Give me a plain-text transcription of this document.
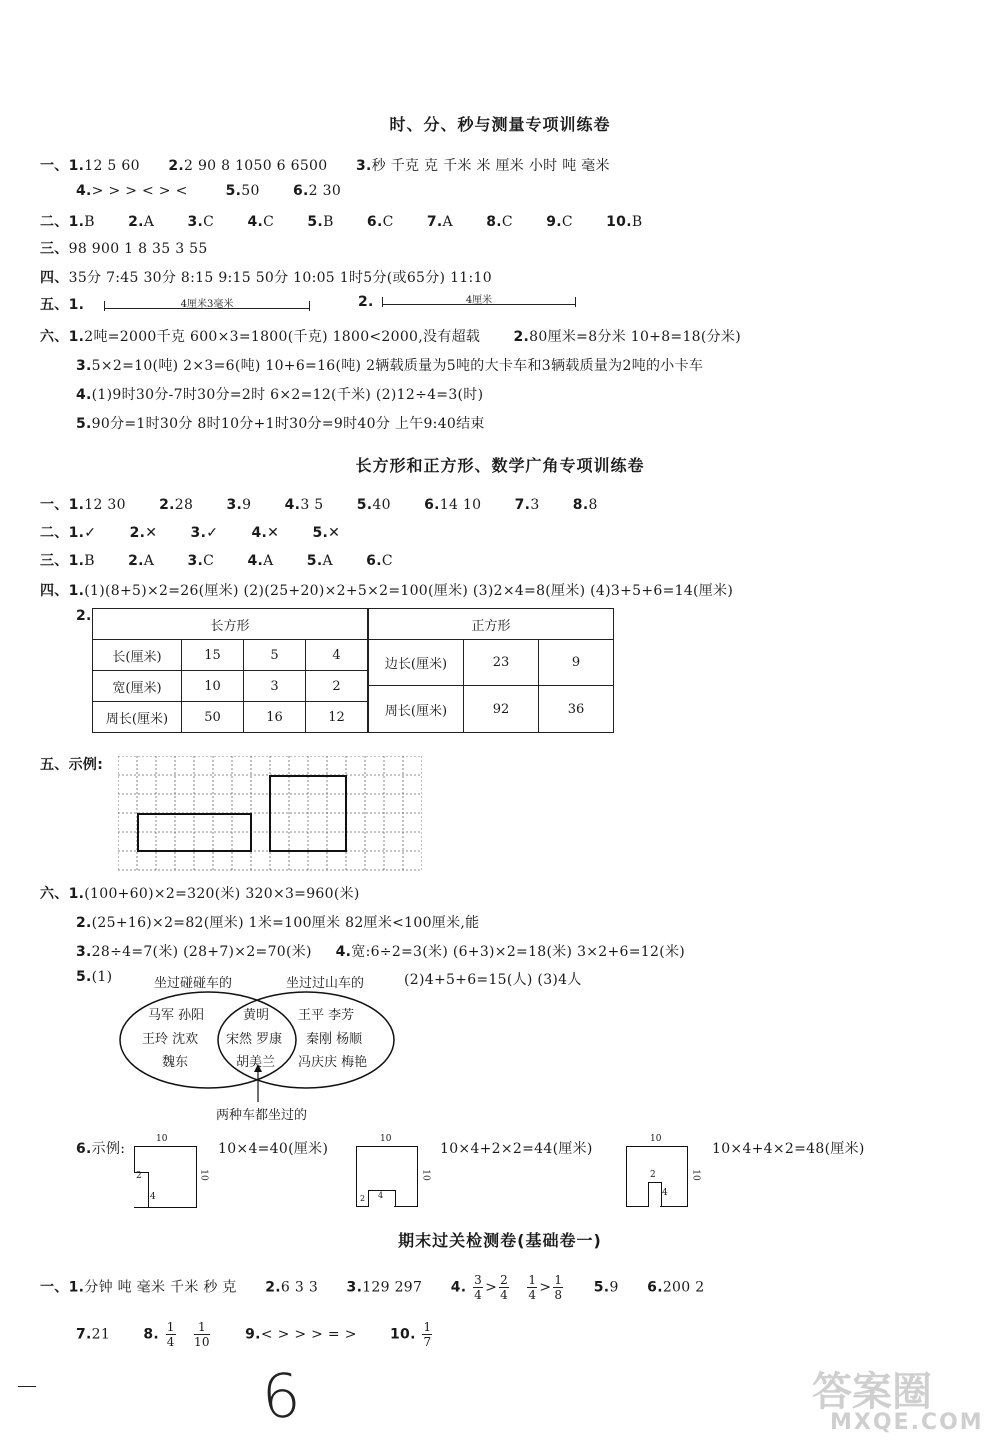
时、分、秒与测量专项训练卷
一、1.12 5 60 2.2 90 8 1050 6 6500 3.秒 千克 克 千米 米 厘米 小时 吨 毫米
4.> > > < > <	5.50 6.2 30
二、1.B 2.A 3.C 4.C 5.B 6.C 7.A 8.C 9.C 10.B
三、98 900 1 8 35 3 55
四、35分 7:45 30分 8:15 9:15 50分 10:05 1时5分(或65分) 11:10
五、1.	4厘米3毫米	2.	4厘米
六、1.2吨=2000千克 600×3=1800(千克) 1800<2000,没有超载 2.80厘米=8分米 10+8=18(分米)
3.5×2=10(吨) 2×3=6(吨) 10+6=16(吨) 2辆载质量为5吨的大卡车和3辆载质量为2吨的小卡车
4.(1)9时30分-7时30分=2时 6×2=12(千米) (2)12÷4=3(时)
5.90分=1时30分 8时10分+1时30分=9时40分 上午9:40结束
长方形和正方形、数学广角专项训练卷
一、1.12 30 2.28 3.9 4.3 5 5.40 6.14 10 7.3 8.8
二、1.✓ 2.✕ 3.✓ 4.✕ 5.✕
三、1.B 2.A 3.C 4.A 5.A 6.C
四、1.(1)(8+5)×2=26(厘米) (2)(25+20)×2+5×2=100(厘米) (3)2×4=8(厘米) (4)3+5+6=14(厘米)
2.
长方形			
长(厘米)	15	5	4
宽(厘米)	10	3	2
周长(厘米)	50	16	12
正方形		
边长(厘米)	23	9
周长(厘米)	92	36
五、示例:
六、1.(100+60)×2=320(米) 320×3=960(米)
2.(25+16)×2=82(厘米) 1米=100厘米 82厘米<100厘米,能
3.28÷4=7(米) (28+7)×2=70(米) 4.宽:6÷2=3(米) (6+3)×2=18(米) 3×2+6=12(米)
5.(1)	(2)4+5+6=15(人) (3)4人
坐过碰碰车的	坐过过山车的
马军 孙阳
王玲 沈欢
魏东
黄明
宋然 罗康
胡美兰
王平 李芳
秦刚 杨顺
冯庆庆 梅艳
两种车都坐过的
6.示例:
10
2
4
10
10×4=40(厘米)
10
2 4
10
10×4+2×2=44(厘米)
10
2
4
10
10×4+4×2=48(厘米)
期末过关检测卷(基础卷一)
一、1.分钟 吨 毫米 千米 秒 克 2.6 3 3 3.129 297 4. $\frac{3}{4} > \frac{2}{4}$
$\frac{1}{4} > \frac{1}{8} 5.9$ 6.200 2
7.21 8. $\frac{1}{4}$
$\frac{1}{10}$	9.< > > > = > 10. $\frac{1}{7}$
6	答案圈
MXQE.COM
